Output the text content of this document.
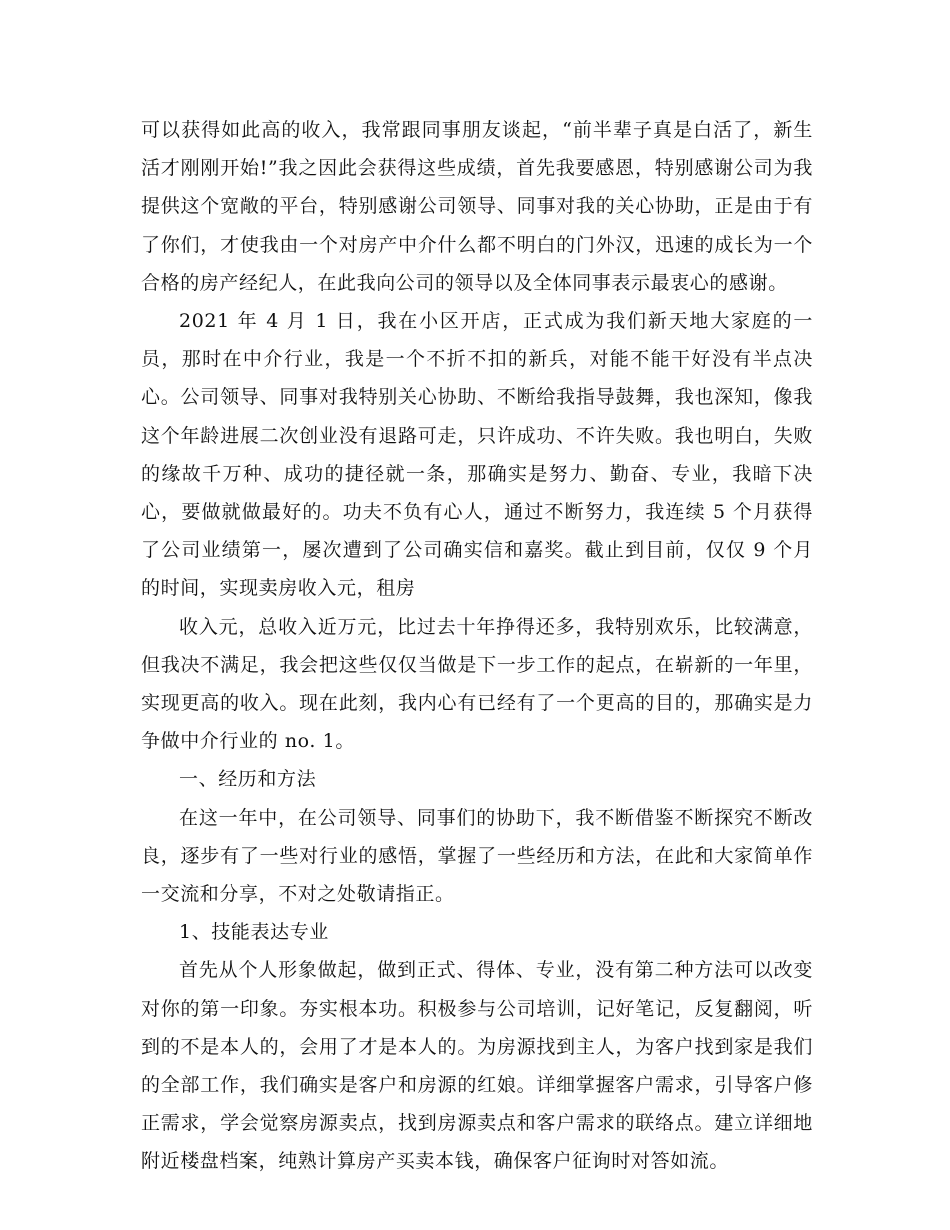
可以获得如此高的收入，我常跟同事朋友谈起，“前半辈子真是白活了，新生活才刚刚开始!”我之因此会获得这些成绩，首先我要感恩，特别感谢公司为我提供这个宽敞的平台，特别感谢公司领导、同事对我的关心协助，正是由于有了你们，才使我由一个对房产中介什么都不明白的门外汉，迅速的成长为一个合格的房产经纪人，在此我向公司的领导以及全体同事表示最衷心的感谢。

2021 年 4 月 1 日，我在小区开店，正式成为我们新天地大家庭的一员，那时在中介行业，我是一个不折不扣的新兵，对能不能干好没有半点决心。公司领导、同事对我特别关心协助、不断给我指导鼓舞，我也深知，像我这个年龄进展二次创业没有退路可走，只许成功、不许失败。我也明白，失败的缘故千万种、成功的捷径就一条，那确实是努力、勤奋、专业，我暗下决心，要做就做最好的。功夫不负有心人，通过不断努力，我连续 5 个月获得了公司业绩第一，屡次遭到了公司确实信和嘉奖。截止到目前，仅仅 9 个月的时间，实现卖房收入元，租房

收入元，总收入近万元，比过去十年挣得还多，我特别欢乐，比较满意，但我决不满足，我会把这些仅仅当做是下一步工作的起点，在崭新的一年里，实现更高的收入。现在此刻，我内心有已经有了一个更高的目的，那确实是力争做中介行业的 no. 1。

一、经历和方法

在这一年中，在公司领导、同事们的协助下，我不断借鉴不断探究不断改良，逐步有了一些对行业的感悟，掌握了一些经历和方法，在此和大家简单作一交流和分享，不对之处敬请指正。

1、技能表达专业

首先从个人形象做起，做到正式、得体、专业，没有第二种方法可以改变对你的第一印象。夯实根本功。积极参与公司培训，记好笔记，反复翻阅，听到的不是本人的，会用了才是本人的。为房源找到主人，为客户找到家是我们的全部工作，我们确实是客户和房源的红娘。详细掌握客户需求，引导客户修正需求，学会觉察房源卖点，找到房源卖点和客户需求的联络点。建立详细地附近楼盘档案，纯熟计算房产买卖本钱，确保客户征询时对答如流。
